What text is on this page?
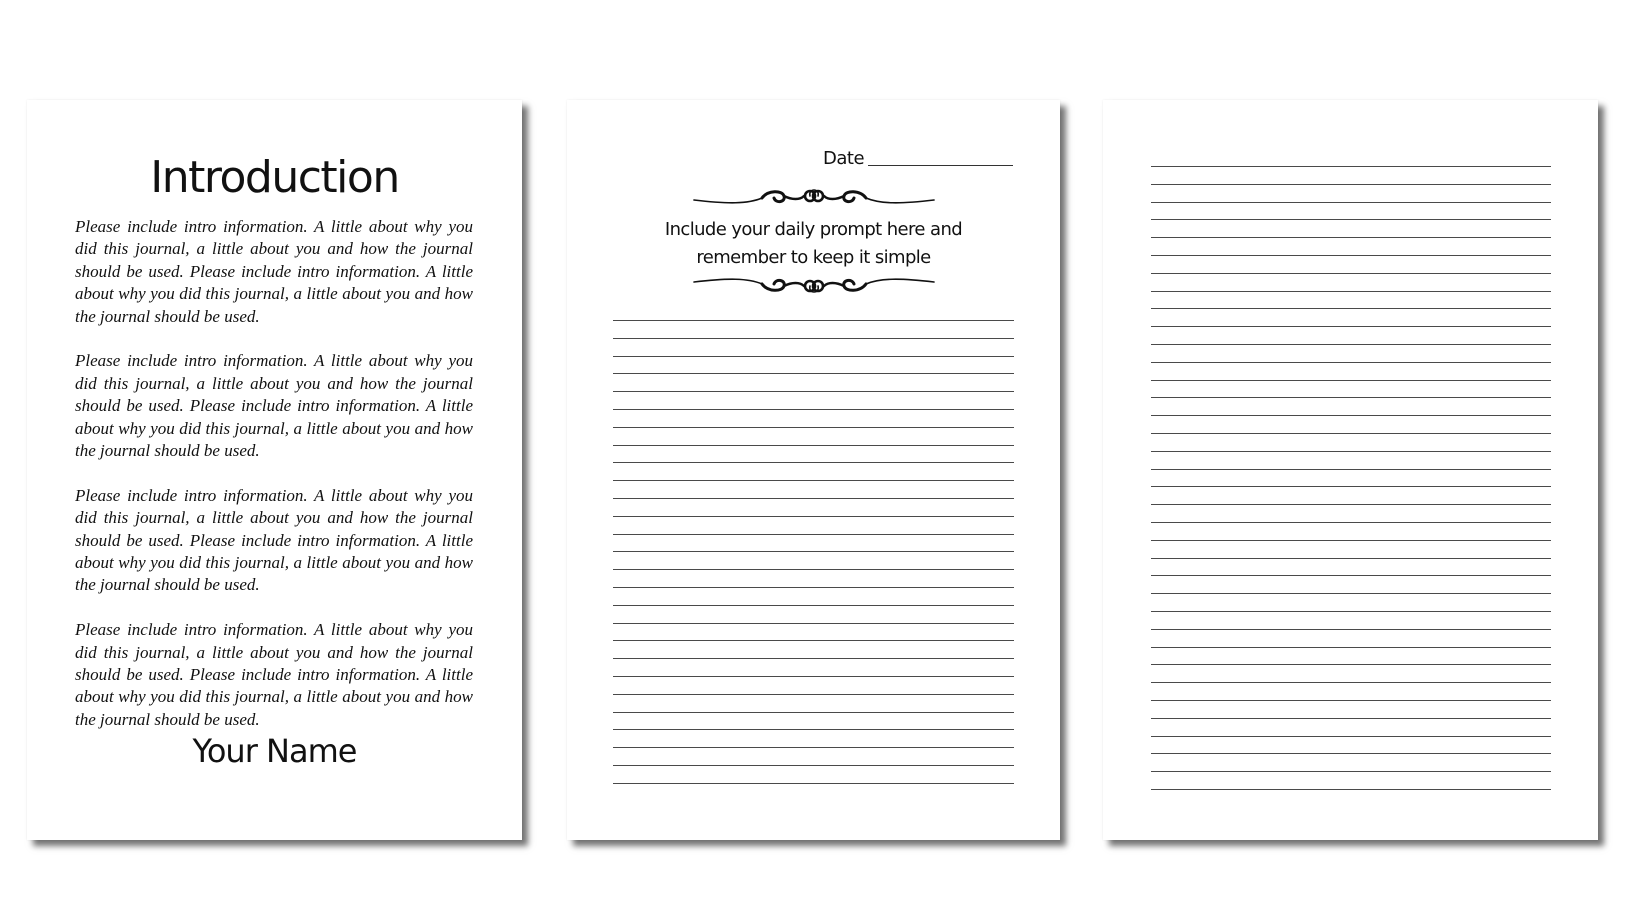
Introduction

Please include intro information. A little about why you did this journal, a little about you and how the journal should be used. Please include intro information. A little about why you did this journal, a little about you and how the journal should be used.

Please include intro information. A little about why you did this journal, a little about you and how the journal should be used. Please include intro information. A little about why you did this journal, a little about you and how the journal should be used.

Please include intro information. A little about why you did this journal, a little about you and how the journal should be used. Please include intro information. A little about why you did this journal, a little about you and how the journal should be used.

Please include intro information. A little about why you did this journal, a little about you and how the journal should be used. Please include intro information. A little about why you did this journal, a little about you and how the journal should be used.

Your Name
Date
Include your daily prompt here and remember to keep it simple
